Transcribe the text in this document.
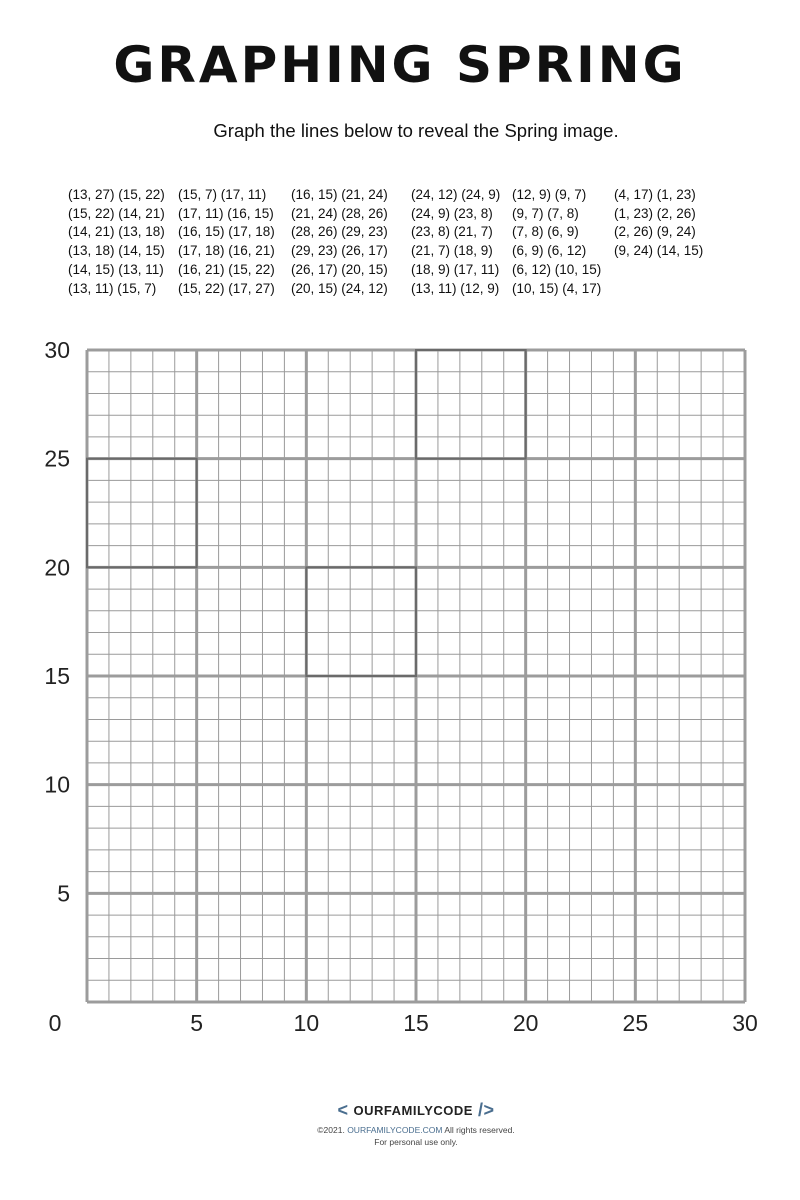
GRAPHING SPRING

Graph the lines below to reveal the Spring image.

(13, 27) (15, 22)
(15, 22) (14, 21)
(14, 21) (13, 18)
(13, 18) (14, 15)
(14, 15) (13, 11)
(13, 11) (15, 7)
(15, 7) (17, 11)
(17, 11) (16, 15)
(16, 15) (17, 18)
(17, 18) (16, 21)
(16, 21) (15, 22)
(15, 22) (17, 27)
(16, 15) (21, 24)
(21, 24) (28, 26)
(28, 26) (29, 23)
(29, 23) (26, 17)
(26, 17) (20, 15)
(20, 15) (24, 12)
(24, 12) (24, 9)
(24, 9) (23, 8)
(23, 8) (21, 7)
(21, 7) (18, 9)
(18, 9) (17, 11)
(13, 11) (12, 9)
(12, 9) (9, 7)
(9, 7) (7, 8)
(7, 8) (6, 9)
(6, 9) (6, 12)
(6, 12) (10, 15)
(10, 15) (4, 17)
(4, 17) (1, 23)
(1, 23) (2, 26)
(2, 26) (9, 24)
(9, 24) (14, 15)
0	5	10	15	20	25	30
5
10
15
20
25
30
< OURFAMILYCODE />
©2021. OURFAMILYCODE.COM All rights reserved.
For personal use only.
